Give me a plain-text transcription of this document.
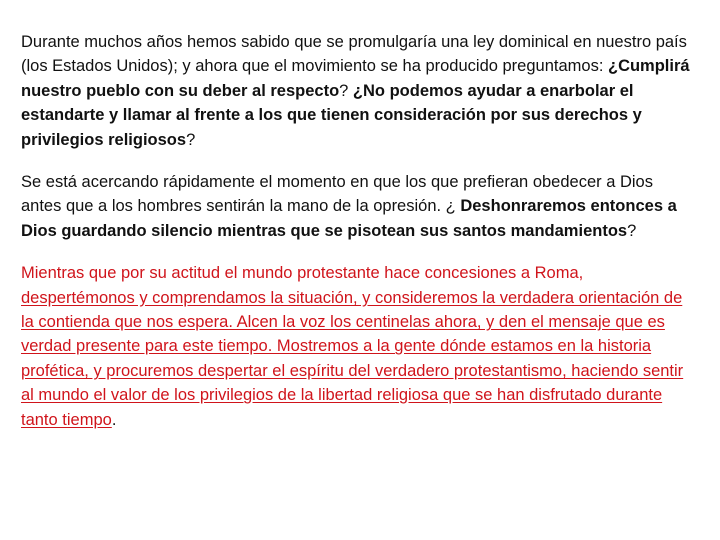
Durante muchos años hemos sabido que se promulgaría una ley dominical en nuestro país (los Estados Unidos); y ahora que el movimiento se ha producido preguntamos: ¿Cumplirá nuestro pueblo con su deber al respecto? ¿No podemos ayudar a enarbolar el estandarte y llamar al frente a los que tienen consideración por sus derechos y privilegios religiosos?

Se está acercando rápidamente el momento en que los que prefieran obedecer a Dios antes que a los hombres sentirán la mano de la opresión. ¿ Deshonraremos entonces a Dios guardando silencio mientras que se pisotean sus santos mandamientos?

Mientras que por su actitud el mundo protestante hace concesiones a Roma, despertémonos y comprendamos la situación, y consideremos la verdadera orientación de la contienda que nos espera. Alcen la voz los centinelas ahora, y den el mensaje que es verdad presente para este tiempo. Mostremos a la gente dónde estamos en la historia profética, y procuremos despertar el espíritu del verdadero protestantismo, haciendo sentir al mundo el valor de los privilegios de la libertad religiosa que se han disfrutado durante tanto tiempo.
